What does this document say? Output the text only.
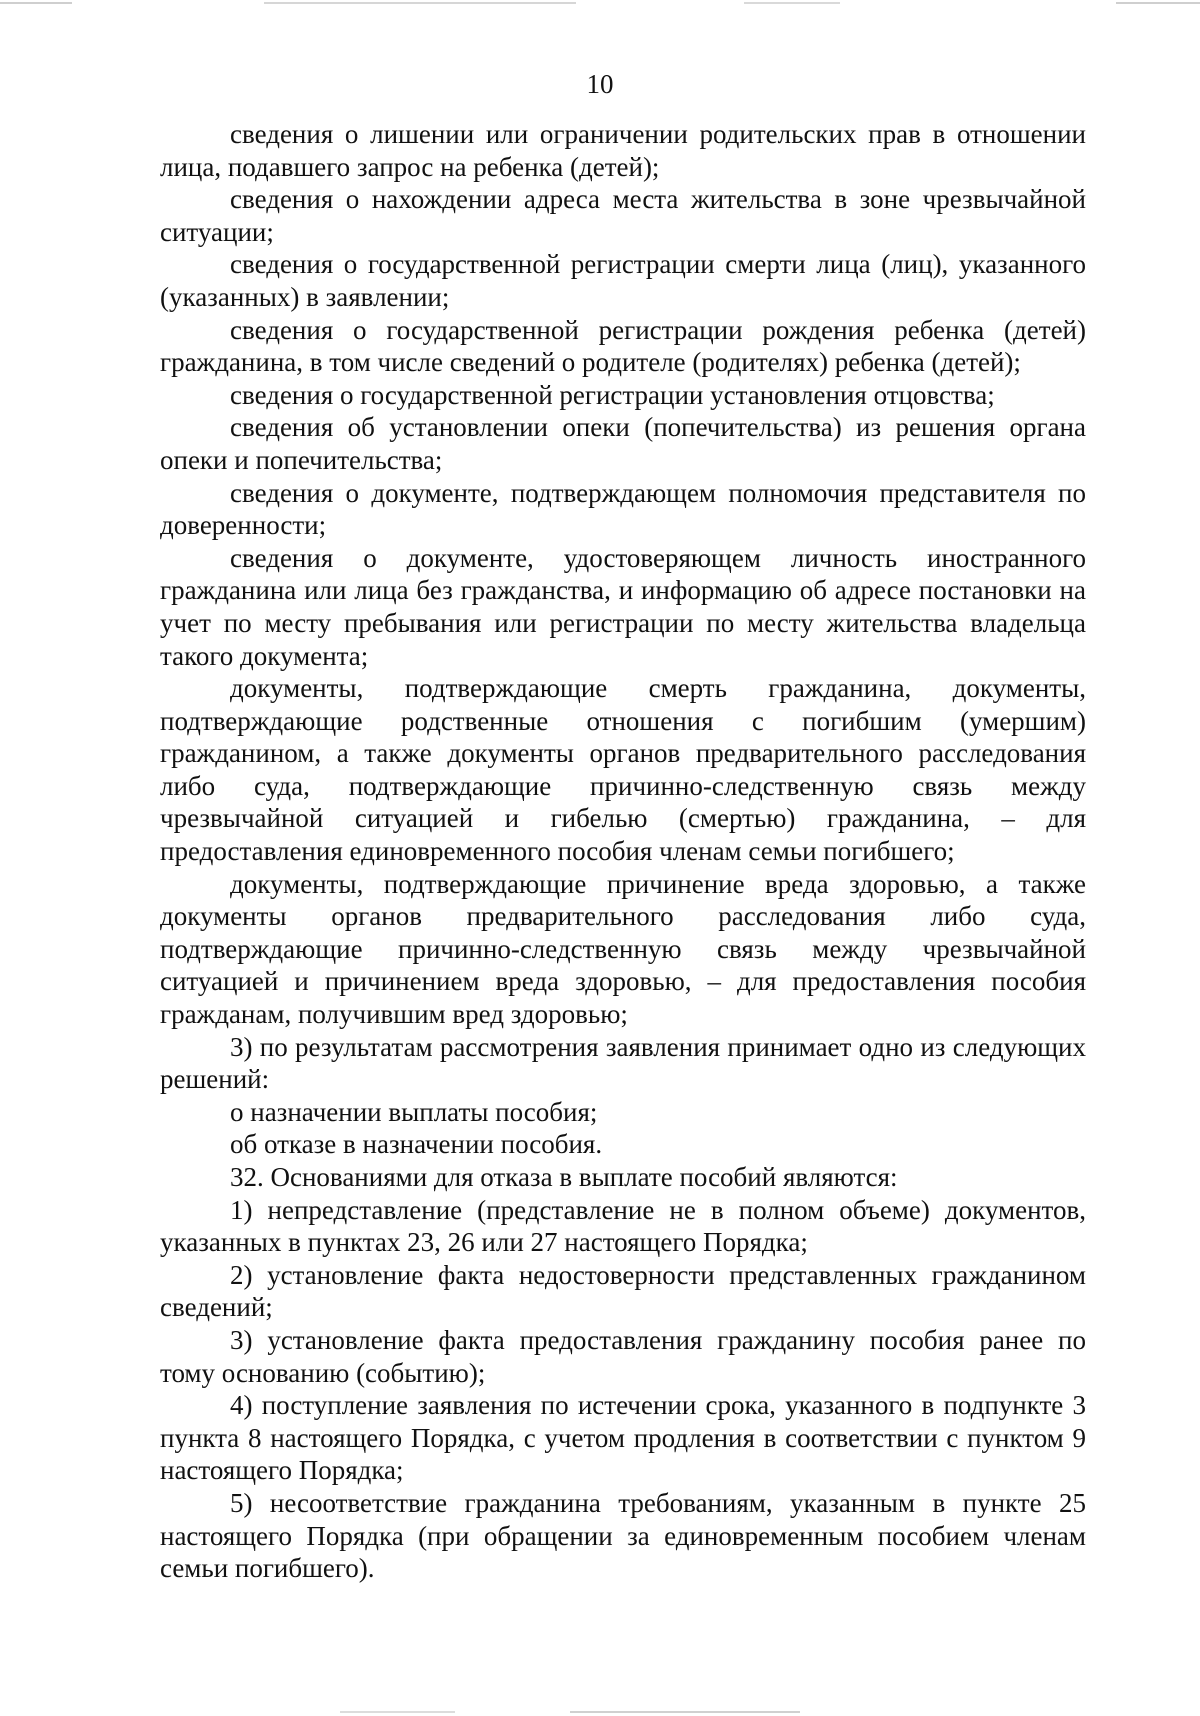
10

сведения о лишении или ограничении родительских прав в отношении лица, подавшего запрос на ребенка (детей);

сведения о нахождении адреса места жительства в зоне чрезвычайной ситуации;

сведения о государственной регистрации смерти лица (лиц), указанного (указанных) в заявлении;

сведения о государственной регистрации рождения ребенка (детей) гражданина, в том числе сведений о родителе (родителях) ребенка (детей);

сведения о государственной регистрации установления отцовства;

сведения об установлении опеки (попечительства) из решения органа опеки и попечительства;

сведения о документе, подтверждающем полномочия представителя по доверенности;

сведения о документе, удостоверяющем личность иностранного гражданина или лица без гражданства, и информацию об адресе постановки на учет по месту пребывания или регистрации по месту жительства владельца такого документа;

документы, подтверждающие смерть гражданина, документы, подтверждающие родственные отношения с погибшим (умершим) гражданином, а также документы органов предварительного расследования либо суда, подтверждающие причинно-следственную связь между чрезвычайной ситуацией и гибелью (смертью) гражданина, – для предоставления единовременного пособия членам семьи погибшего;

документы, подтверждающие причинение вреда здоровью, а также документы органов предварительного расследования либо суда, подтверждающие причинно-следственную связь между чрезвычайной ситуацией и причинением вреда здоровью, – для предоставления пособия гражданам, получившим вред здоровью;

3) по результатам рассмотрения заявления принимает одно из следующих решений:

о назначении выплаты пособия;

об отказе в назначении пособия.

32. Основаниями для отказа в выплате пособий являются:

1) непредставление (представление не в полном объеме) документов, указанных в пунктах 23, 26 или 27 настоящего Порядка;

2) установление факта недостоверности представленных гражданином сведений;

3) установление факта предоставления гражданину пособия ранее по тому основанию (событию);

4) поступление заявления по истечении срока, указанного в подпункте 3 пункта 8 настоящего Порядка, с учетом продления в соответствии с пунктом 9 настоящего Порядка;

5) несоответствие гражданина требованиям, указанным в пункте 25 настоящего Порядка (при обращении за единовременным пособием членам семьи погибшего).
